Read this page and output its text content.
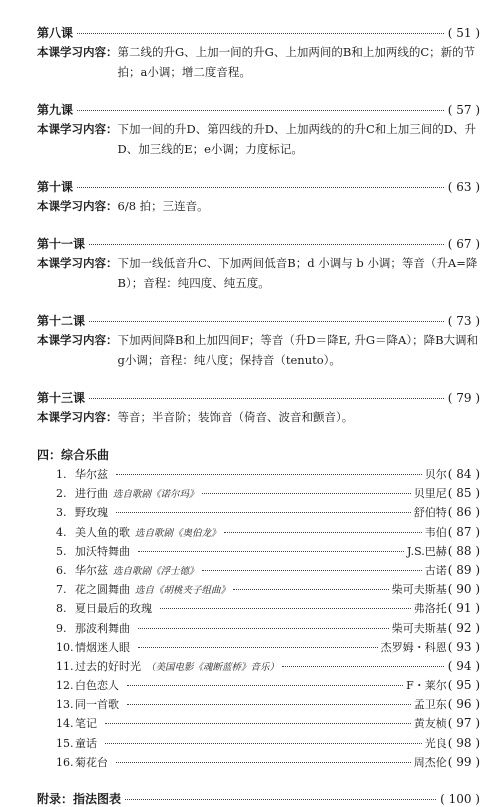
第八课	( 51 )
本课学习内容： 第二线的升G、上加一间的升G、上加两间的B和上加两线的C；新的节拍；a小调；增二度音程。
第九课	( 57 )
本课学习内容： 下加一间的升D、第四线的升D、上加两线的的升C和上加三间的D、升D、加三线的E；e小调；力度标记。
第十课	( 63 )
本课学习内容： 6/8 拍；三连音。
第十一课	( 67 )
本课学习内容： 下加一线低音升C、下加两间低音B；d 小调与 b 小调；等音（升A=降B）；音程：纯四度、纯五度。
第十二课	( 73 )
本课学习内容： 下加两间降B和上加四间F；等音（升D＝降E, 升G＝降A）；降B大调和g小调；音程：纯八度；保持音（tenuto）。
第十三课	( 79 )
本课学习内容： 等音；半音阶；装饰音（倚音、波音和颤音）。
四：综合乐曲
1. 华尔兹	贝尔 ( 84 )
2. 进行曲 选自歌剧《诺尔玛》	贝里尼 ( 85 )
3. 野玫瑰	舒伯特 ( 86 )
4. 美人鱼的歌 选自歌剧《奥伯龙》	韦伯 ( 87 )
5. 加沃特舞曲	J.S.巴赫 ( 88 )
6. 华尔兹 选自歌剧《浮士德》	古诺 ( 89 )
7. 花之圆舞曲 选自《胡桃夹子组曲》	柴可夫斯基 ( 90 )
8. 夏日最后的玫瑰	弗洛托 ( 91 )
9. 那波利舞曲	柴可夫斯基 ( 92 )
10. 情烟迷人眼	杰罗姆・科恩 ( 93 )
11. 过去的好时光 （美国电影《魂断蓝桥》音乐）	( 94 )
12. 白色恋人	F・莱尔 ( 95 )
13. 同一首歌	孟卫东 ( 96 )
14. 笔记	黄友桢 ( 97 )
15. 童话	光良 ( 98 )
16. 菊花台	周杰伦 ( 99 )
附录：指法图表	( 100 )
